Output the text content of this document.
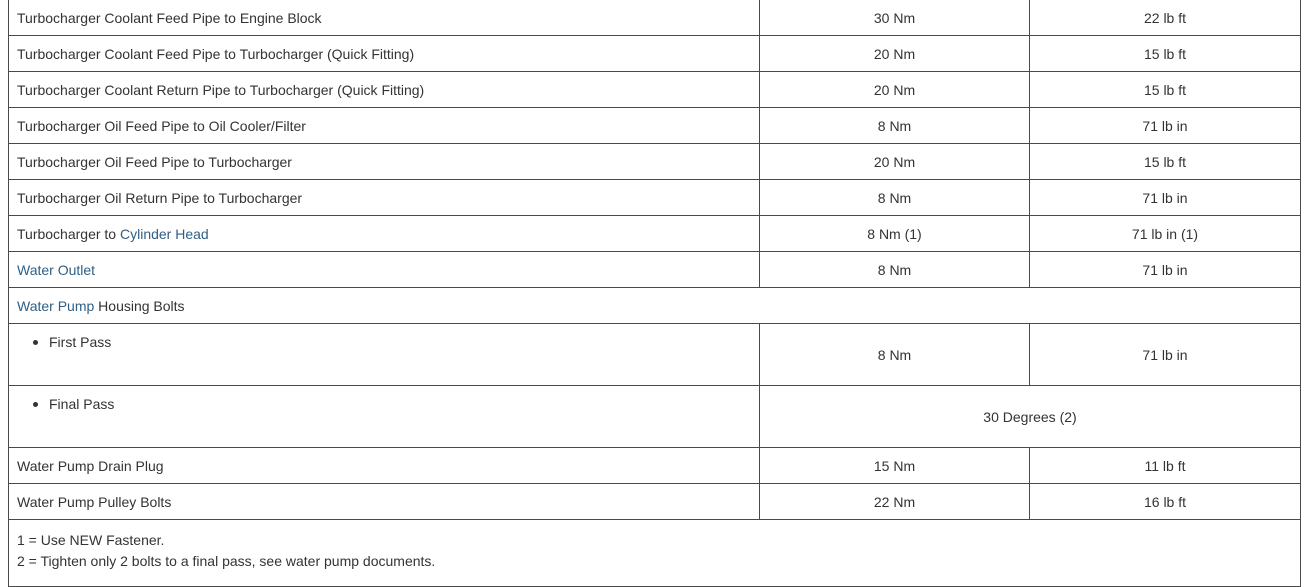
Turbocharger Coolant Feed Pipe to Engine Block	30 Nm	22 lb ft
Turbocharger Coolant Feed Pipe to Turbocharger (Quick Fitting)	20 Nm	15 lb ft
Turbocharger Coolant Return Pipe to Turbocharger (Quick Fitting)	20 Nm	15 lb ft
Turbocharger Oil Feed Pipe to Oil Cooler/Filter	8 Nm	71 lb in
Turbocharger Oil Feed Pipe to Turbocharger	20 Nm	15 lb ft
Turbocharger Oil Return Pipe to Turbocharger	8 Nm	71 lb in
Turbocharger to Cylinder Head	8 Nm (1)	71 lb in (1)
Water Outlet	8 Nm	71 lb in
Water Pump Housing Bolts		
First Pass	8 Nm	71 lb in
Final Pass	30 Degrees (2)	
Water Pump Drain Plug	15 Nm	11 lb ft
Water Pump Pulley Bolts	22 Nm	16 lb ft

1 = Use NEW Fastener.
2 = Tighten only 2 bolts to a final pass, see water pump documents.		
